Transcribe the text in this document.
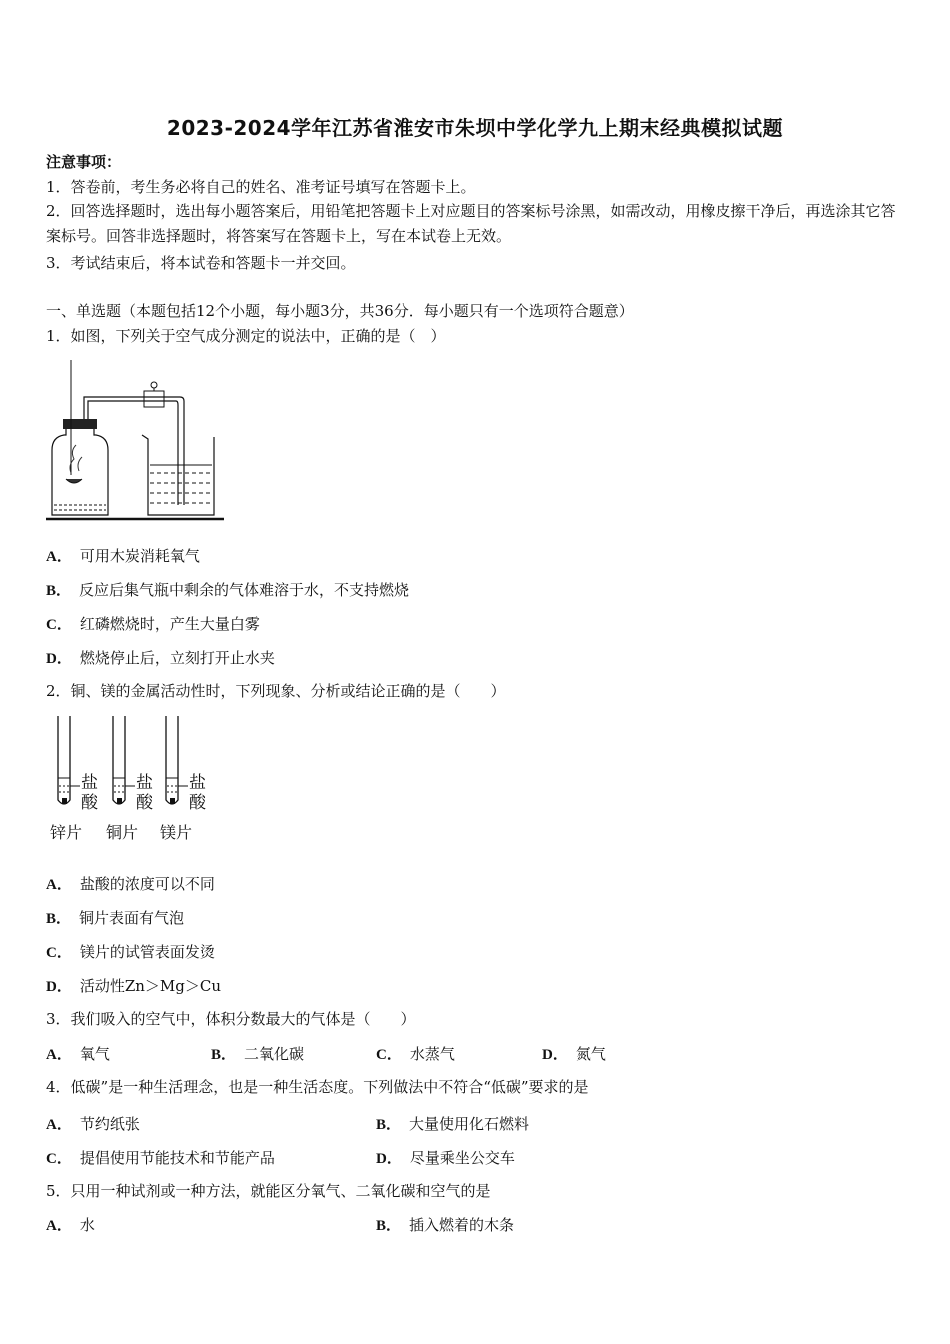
2023-2024学年江苏省淮安市朱坝中学化学九上期末经典模拟试题
注意事项：
1．答卷前，考生务必将自己的姓名、准考证号填写在答题卡上。
2．回答选择题时，选出每小题答案后，用铅笔把答题卡上对应题目的答案标号涂黑，如需改动，用橡皮擦干净后，再选涂其它答案标号。回答非选择题时，将答案写在答题卡上，写在本试卷上无效。
3．考试结束后，将本试卷和答题卡一并交回。
一、单选题（本题包括12个小题，每小题3分，共36分．每小题只有一个选项符合题意）
1．如图，下列关于空气成分测定的说法中，正确的是（　）
A． 可用木炭消耗氧气
B． 反应后集气瓶中剩余的气体难溶于水，不支持燃烧
C． 红磷燃烧时，产生大量白雾
D． 燃烧停止后，立刻打开止水夹
2．铜、镁的金属活动性时，下列现象、分析或结论正确的是（　　）
盐
酸
盐
酸
盐
酸
锌片 铜片 镁片
A． 盐酸的浓度可以不同
B． 铜片表面有气泡
C． 镁片的试管表面发烫
D． 活动性Zn＞Mg＞Cu
3．我们吸入的空气中，体积分数最大的气体是（　　）
A． 氧气	B． 二氧化碳	C． 水蒸气	D． 氮气
4．低碳”是一种生活理念，也是一种生活态度。下列做法中不符合“低碳”要求的是
A． 节约纸张	B． 大量使用化石燃料
C． 提倡使用节能技术和节能产品	D． 尽量乘坐公交车
5．只用一种试剂或一种方法，就能区分氧气、二氧化碳和空气的是
A． 水	B． 插入燃着的木条
